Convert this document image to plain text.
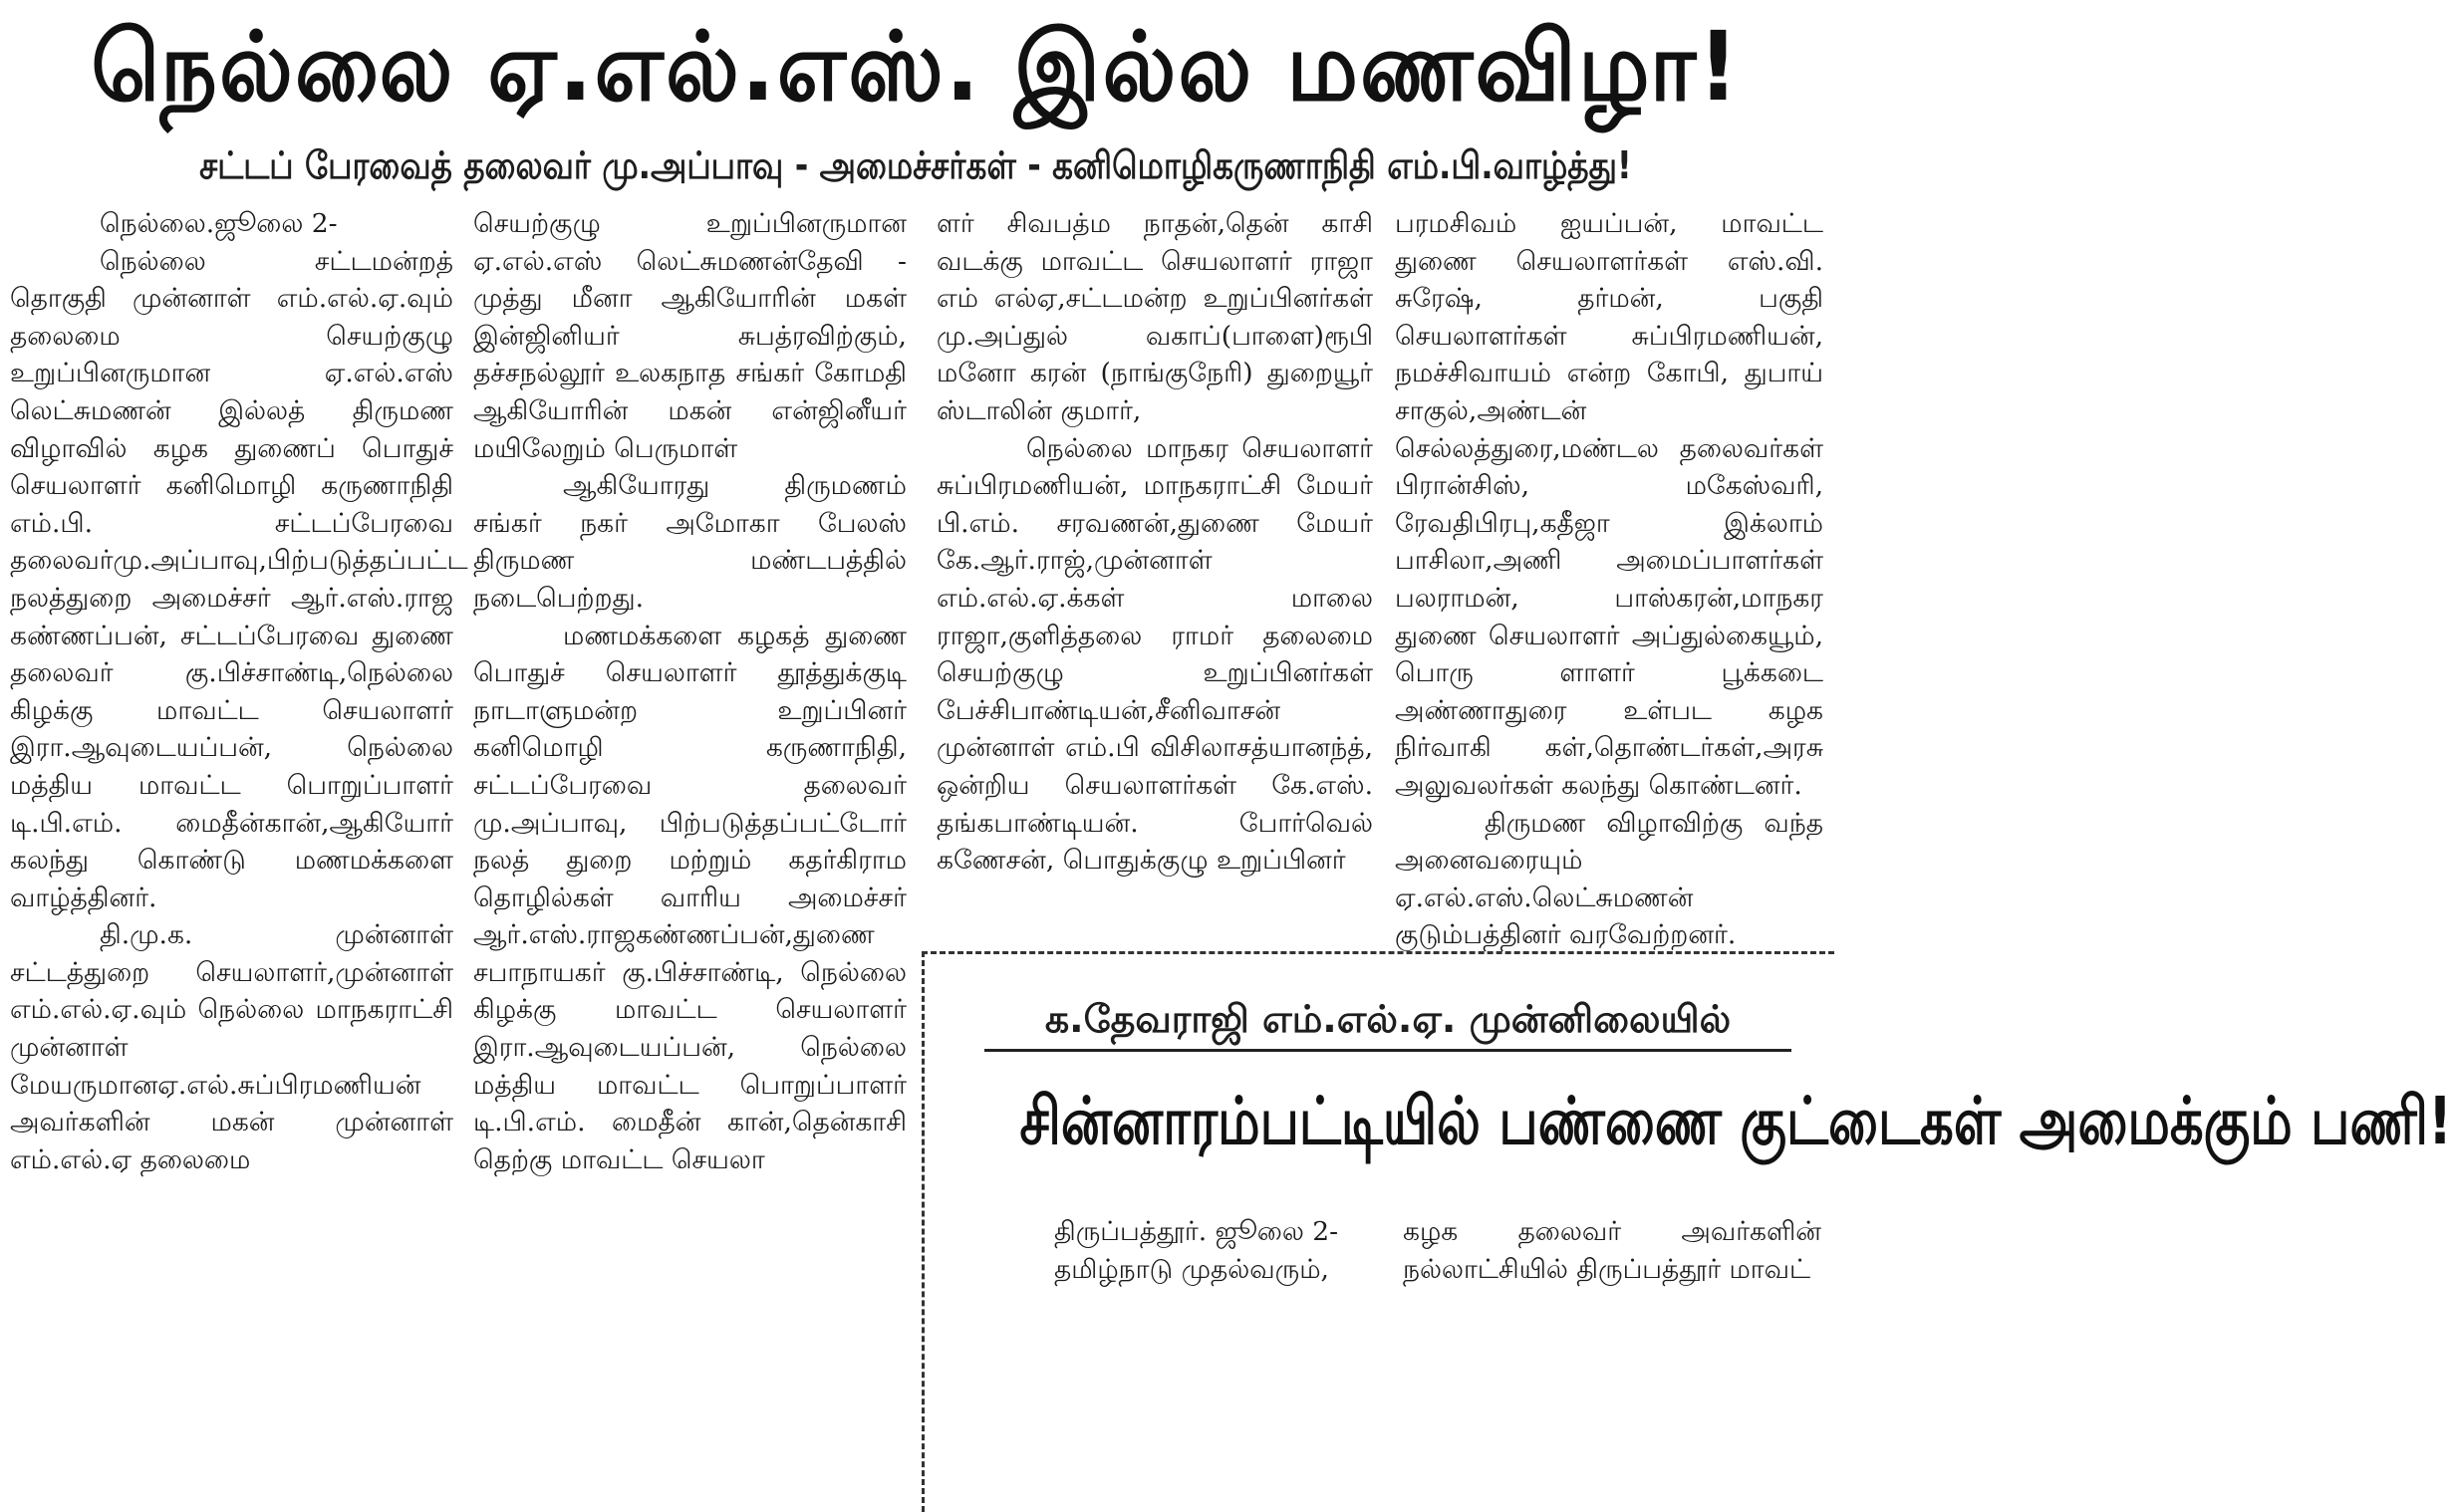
நெல்லை ஏ.எல்.எஸ். இல்ல மணவிழா!
சட்டப் பேரவைத் தலைவர் மு.அப்பாவு - அமைச்சர்கள் - கனிமொழிகருணாநிதி எம்.பி.வாழ்த்து!

நெல்லை.ஜூலை 2-

நெல்லை சட்டமன்றத் தொகுதி முன்னாள் எம்.எல்.ஏ.வும் தலைமை செயற்குழு உறுப்பினருமான ஏ.எல்.எஸ் லெட்சுமணன் இல்லத் திருமண விழாவில் கழக துணைப் பொதுச் செயலாளர் கனிமொழி கருணாநிதி எம்.பி. சட்டப்பேரவை தலைவர்மு.அப்பாவு,பிற்படுத்தப்பட்ட நலத்துறை அமைச்சர் ஆர்.எஸ்.ராஜ கண்ணப்பன், சட்டப்பேரவை துணை தலைவர் கு.பிச்சாண்டி,நெல்லை கிழக்கு மாவட்ட செயலாளர் இரா.ஆவுடையப்பன், நெல்லை மத்திய மாவட்ட பொறுப்பாளர் டி.பி.எம். மைதீன்கான்,ஆகியோர் கலந்து கொண்டு மணமக்களை வாழ்த்தினர்.

தி.மு.க. முன்னாள் சட்டத்துறை செயலாளர்,முன்னாள் எம்.எல்.ஏ.வும் நெல்லை மாநகராட்சி முன்னாள் மேயருமானஏ.எல்.சுப்பிரமணியன் அவர்களின் மகன் முன்னாள் எம்.எல்.ஏ தலைமை

செயற்குழு உறுப்பினருமான ஏ.எல்.எஸ் லெட்சுமணன்தேவி - முத்து மீனா ஆகியோரின் மகள் இன்ஜினியர் சுபத்ரவிற்கும், தச்சநல்லூர் உலகநாத சங்கர் கோமதி ஆகியோரின் மகன் என்ஜினீயர் மயிலேறும் பெருமாள்

ஆகியோரது திருமணம் சங்கர் நகர் அமோகா பேலஸ் திருமண மண்டபத்தில் நடைபெற்றது.

மணமக்களை கழகத் துணை பொதுச் செயலாளர் தூத்துக்குடி நாடாளுமன்ற உறுப்பினர் கனிமொழி கருணாநிதி, சட்டப்பேரவை தலைவர் மு.அப்பாவு, பிற்படுத்தப்பட்டோர் நலத் துறை மற்றும் கதர்கிராம தொழில்கள் வாரிய அமைச்சர் ஆர்.எஸ்.ராஜகண்ணப்பன்,துணை சபாநாயகர் கு.பிச்சாண்டி, நெல்லை கிழக்கு மாவட்ட செயலாளர் இரா.ஆவுடையப்பன், நெல்லை மத்திய மாவட்ட பொறுப்பாளர் டி.பி.எம். மைதீன் கான்,தென்காசி தெற்கு மாவட்ட செயலா

ளர் சிவபத்ம நாதன்,தென் காசி வடக்கு மாவட்ட செயலாளர் ராஜா எம் எல்ஏ,சட்டமன்ற உறுப்பினர்கள் மு.அப்துல் வகாப்(பாளை)ரூபி மனோ கரன் (நாங்குநேரி) துறையூர் ஸ்டாலின் குமார்,

நெல்லை மாநகர செயலாளர் சுப்பிரமணியன், மாநகராட்சி மேயர் பி.எம். சரவணன்,துணை மேயர் கே.ஆர்.ராஜ்,முன்னாள் எம்.எல்.ஏ.க்கள் மாலை ராஜா,குளித்தலை ராமர் தலைமை செயற்குழு உறுப்பினர்கள் பேச்சிபாண்டியன்,சீனிவாசன் முன்னாள் எம்.பி விசிலாசத்யானந்த், ஒன்றிய செயலாளர்கள் கே.எஸ். தங்கபாண்டியன். போர்வெல் கணேசன், பொதுக்குழு உறுப்பினர்

பரமசிவம் ஐயப்பன், மாவட்ட துணை செயலாளர்கள் எஸ்.வி. சுரேஷ், தர்மன், பகுதி செயலாளர்கள் சுப்பிரமணியன், நமச்சிவாயம் என்ற கோபி, துபாய் சாகுல்,அண்டன் செல்லத்துரை,மண்டல தலைவர்கள் பிரான்சிஸ், மகேஸ்வரி, ரேவதிபிரபு,கதீஜா இக்லாம் பாசிலா,அணி அமைப்பாளர்கள் பலராமன், பாஸ்கரன்,மாநகர துணை செயலாளர் அப்துல்கையூம், பொரு ளாளர் பூக்கடை அண்ணாதுரை உள்பட கழக நிர்வாகி கள்,தொண்டர்கள்,அரசு அலுவலர்கள் கலந்து கொண்டனர்.

திருமண விழாவிற்கு வந்த அனைவரையும் ஏ.எல்.எஸ்.லெட்சுமணன் குடும்பத்தினர் வரவேற்றனர்.

க.தேவராஜி எம்.எல்.ஏ. முன்னிலையில்
சின்னாரம்பட்டியில் பண்ணை குட்டைகள் அமைக்கும் பணி!

திருப்பத்தூர். ஜூலை 2-

தமிழ்நாடு முதல்வரும்,

கழக தலைவர் அவர்களின் நல்லாட்சியில் திருப்பத்தூர் மாவட்
